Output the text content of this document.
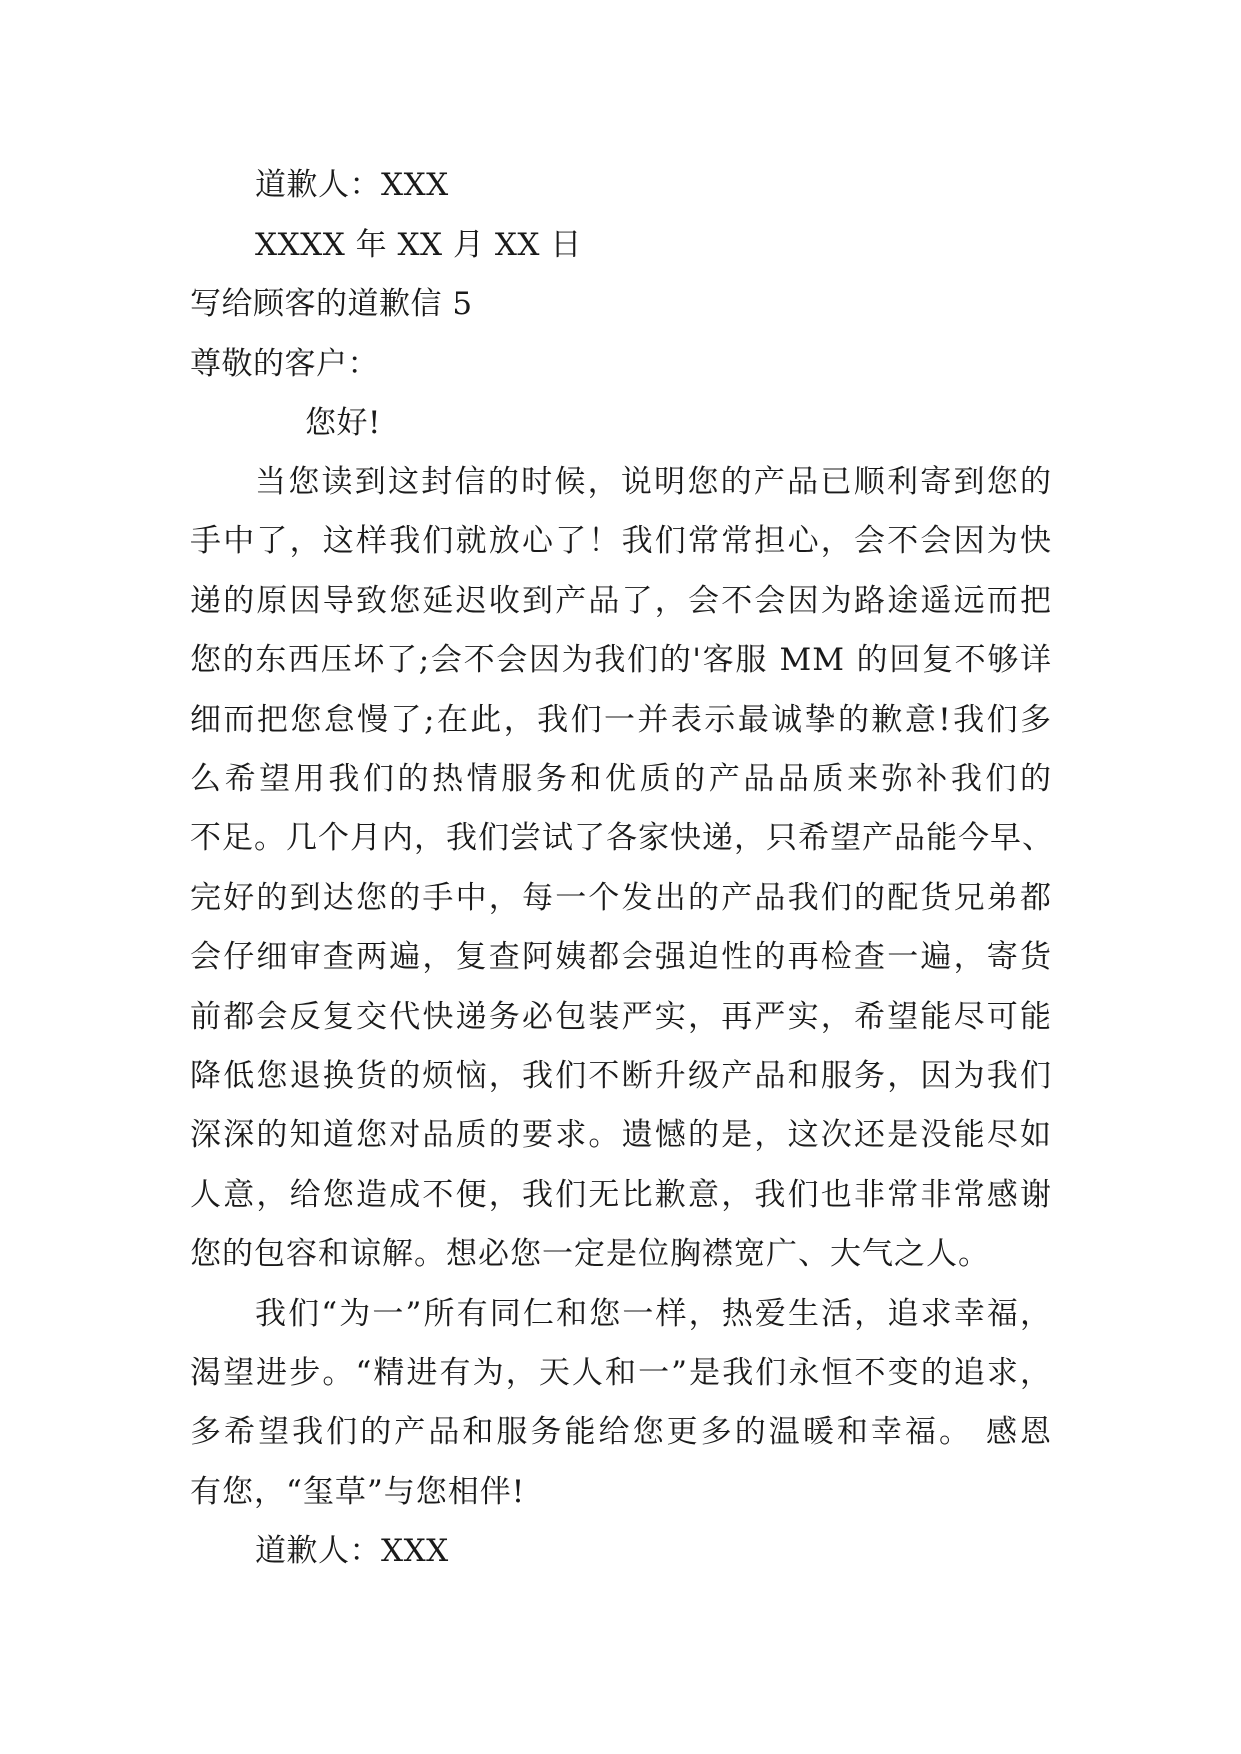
道歉人：XXX
XXXX 年 XX 月 XX 日
写给顾客的道歉信 5
尊敬的客户：
您好!
当您读到这封信的时候，说明您的产品已顺利寄到您的
手中了，这样我们就放心了！我们常常担心，会不会因为快
递的原因导致您延迟收到产品了，会不会因为路途遥远而把
您的东西压坏了;会不会因为我们的'客服 MM 的回复不够详
细而把您怠慢了;在此，我们一并表示最诚挚的歉意!我们多
么希望用我们的热情服务和优质的产品品质来弥补我们的
不足。几个月内，我们尝试了各家快递，只希望产品能今早、
完好的到达您的手中，每一个发出的产品我们的配货兄弟都
会仔细审查两遍，复查阿姨都会强迫性的再检查一遍，寄货
前都会反复交代快递务必包装严实，再严实，希望能尽可能
降低您退换货的烦恼，我们不断升级产品和服务，因为我们
深深的知道您对品质的要求。遗憾的是，这次还是没能尽如
人意，给您造成不便，我们无比歉意，我们也非常非常感谢
您的包容和谅解。想必您一定是位胸襟宽广、大气之人。
我们“为一”所有同仁和您一样，热爱生活，追求幸福，
渴望进步。“精进有为，天人和一”是我们永恒不变的追求，
多希望我们的产品和服务能给您更多的温暖和幸福。 感恩
有您，“玺草”与您相伴!
道歉人：XXX
